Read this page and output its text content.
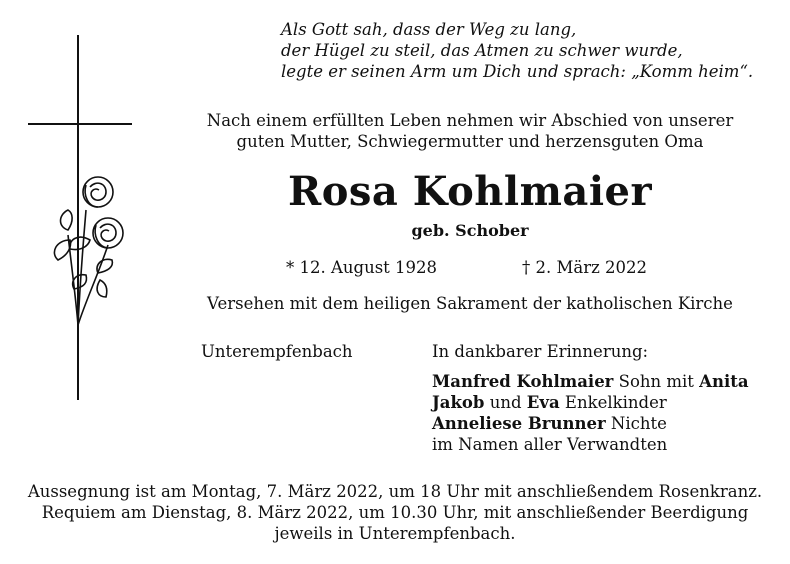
Als Gott sah, dass der Weg zu lang,
der Hügel zu steil, das Atmen zu schwer wurde,
legte er seinen Arm um Dich und sprach: „Komm heim“.
Nach einem erfüllten Leben nehmen wir Abschied von unserer
guten Mutter, Schwiegermutter und herzensguten Oma
Rosa Kohlmaier
geb. Schober
* 12. August 1928	† 2. März 2022
Versehen mit dem heiligen Sakrament der katholischen Kirche
Unterempfenbach	In dankbarer Erinnerung:
Manfred Kohlmaier Sohn mit Anita
Jakob und Eva Enkelkinder
Anneliese Brunner Nichte
im Namen aller Verwandten
Aussegnung ist am Montag, 7. März 2022, um 18 Uhr mit anschließendem Rosenkranz.
Requiem am Dienstag, 8. März 2022, um 10.30 Uhr, mit anschließender Beerdigung
jeweils in Unterempfenbach.
